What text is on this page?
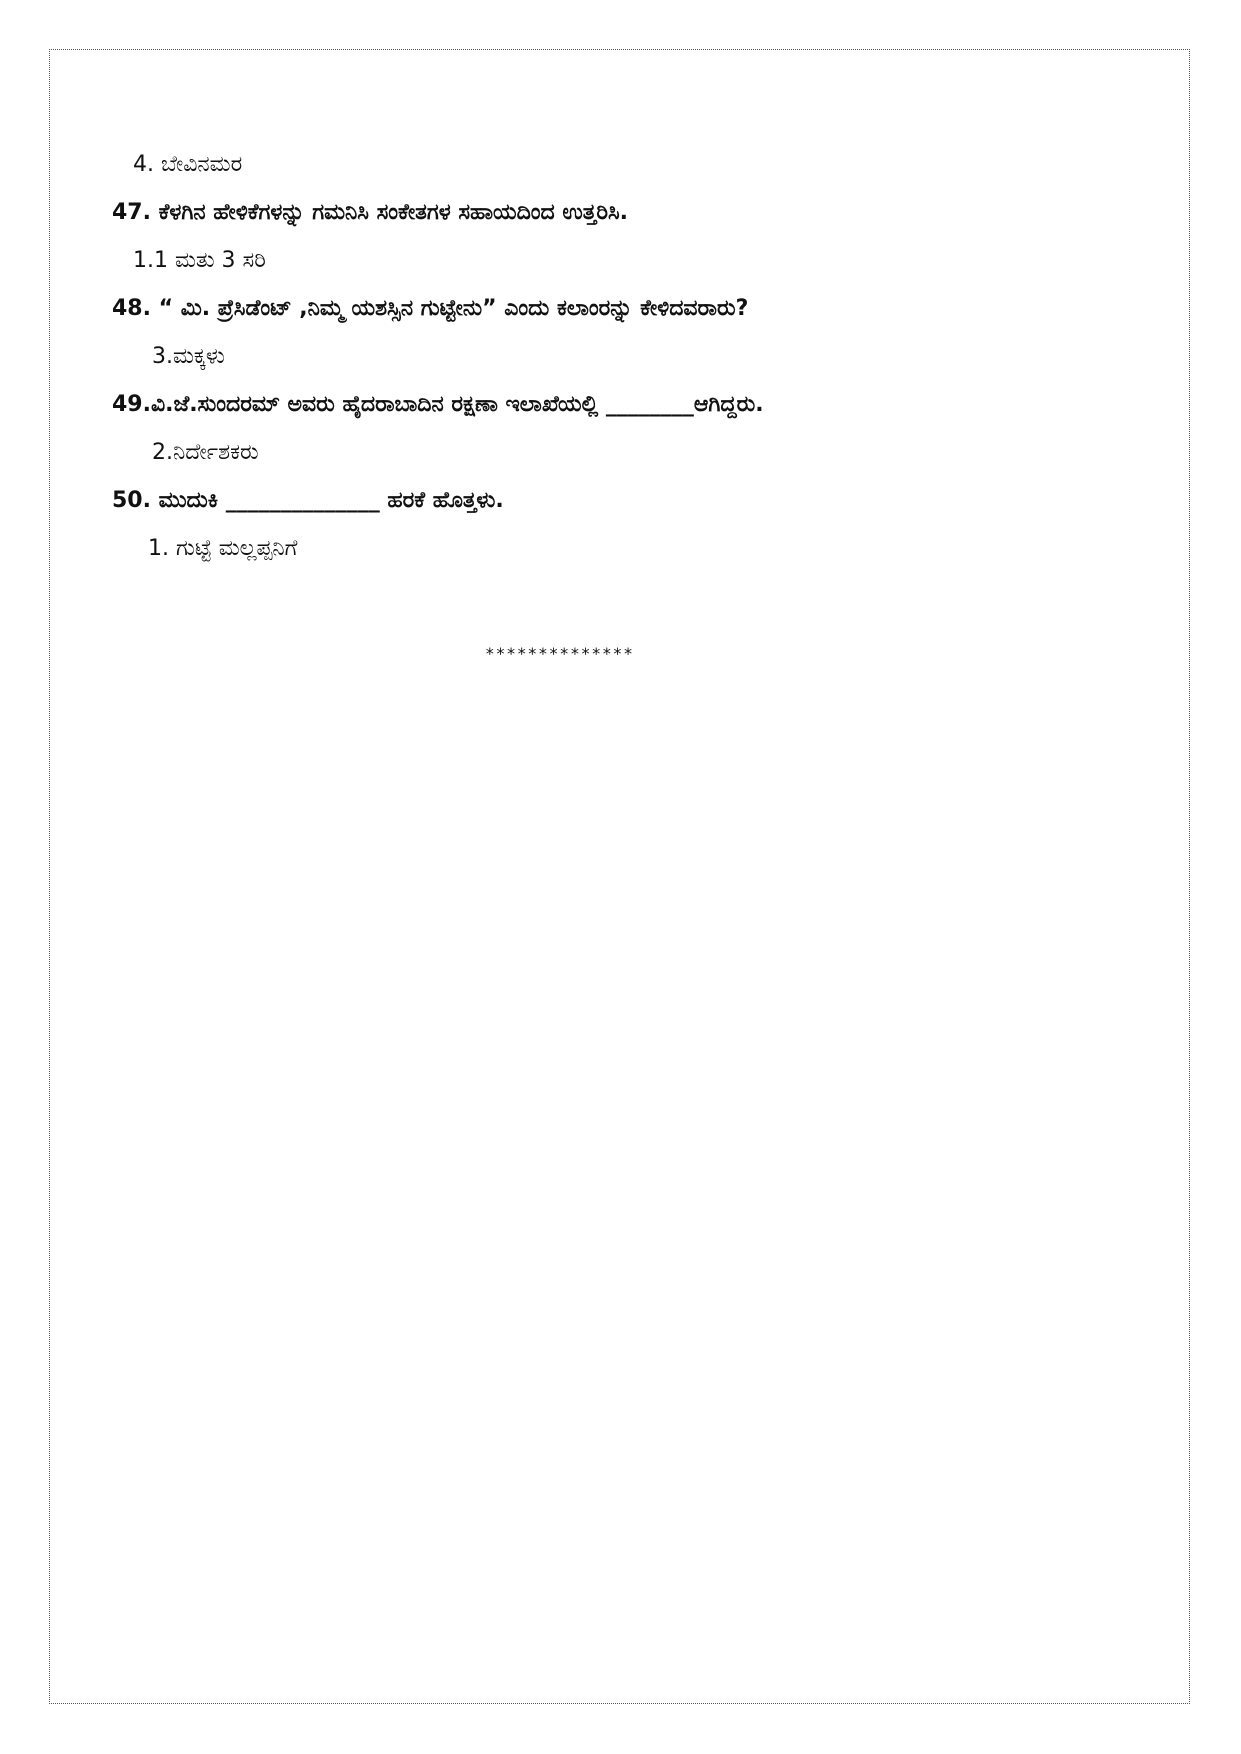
4. ಬೇವಿನಮರ
47. ಕೆಳಗಿನ ಹೇಳಿಕೆಗಳನ್ನು ಗಮನಿಸಿ ಸಂಕೇತಗಳ ಸಹಾಯದಿಂದ ಉತ್ತರಿಸಿ.
1.1 ಮತು 3 ಸರಿ
48. “ ಮಿ. ಪ್ರೆಸಿಡೆಂಟ್ ,ನಿಮ್ಮ ಯಶಸ್ಸಿನ ಗುಟ್ಟೇನು” ಎಂದು ಕಲಾಂರನ್ನು ಕೇಳಿದವರಾರು?
3.ಮಕ್ಕಳು
49.ವಿ.ಜೆ.ಸುಂದರಮ್ ಅವರು ಹೈದರಾಬಾದಿನ ರಕ್ಷಣಾ ಇಲಾಖೆಯಲ್ಲಿ ________ಆಗಿದ್ದರು.
2.ನಿರ್ದೇಶಕರು
50. ಮುದುಕಿ ______________ ಹರಕೆ ಹೊತ್ತಳು.
1. ಗುಟ್ಟೆ ಮಲ್ಲಪ್ಪನಿಗೆ
**************
